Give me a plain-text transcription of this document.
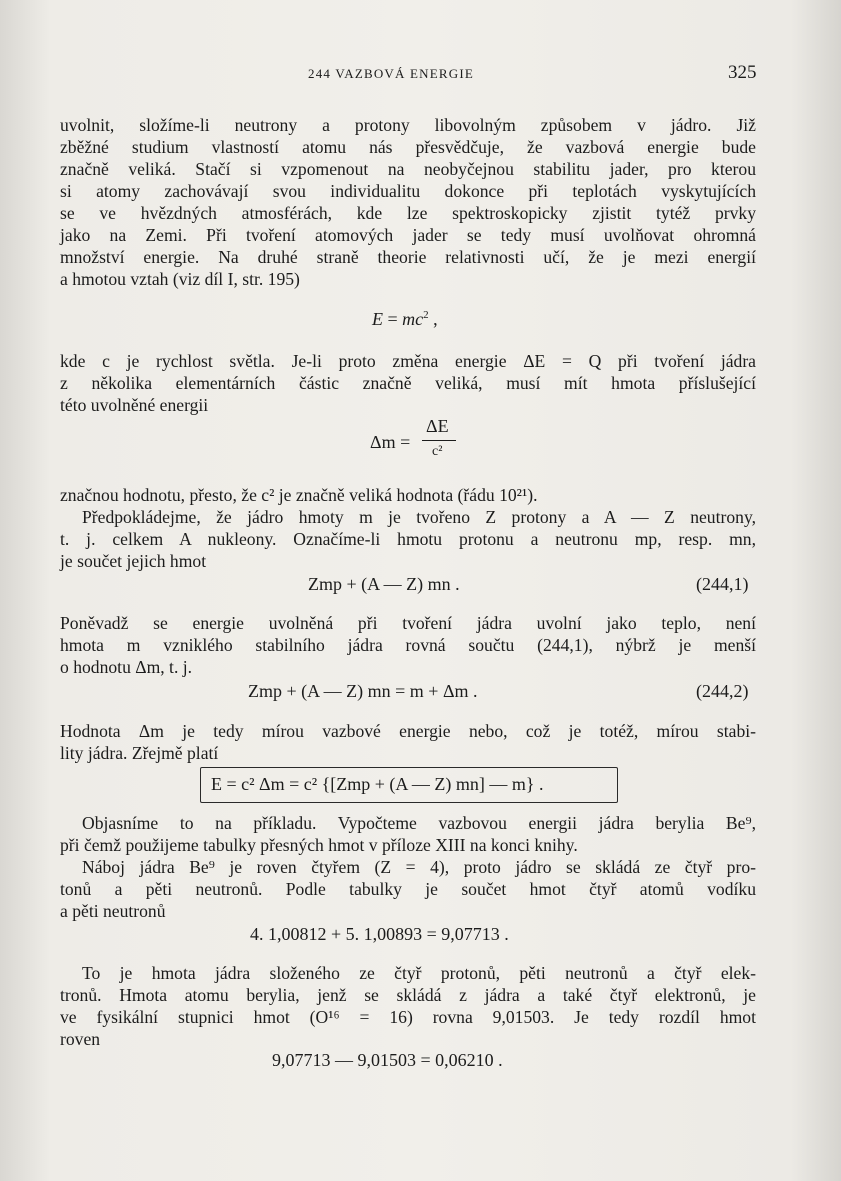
244 VAZBOVÁ ENERGIE	325
uvolnit, složíme-li neutrony a protony libovolným způsobem v jádro. Již
zběžné studium vlastností atomu nás přesvědčuje, že vazbová energie bude
značně veliká. Stačí si vzpomenout na neobyčejnou stabilitu jader, pro kterou
si atomy zachovávají svou individualitu dokonce při teplotách vyskytujících
se ve hvězdných atmosférách, kde lze spektroskopicky zjistit tytéž prvky
jako na Zemi. Při tvoření atomových jader se tedy musí uvolňovat ohromná
množství energie. Na druhé straně theorie relativnosti učí, že je mezi energií
a hmotou vztah (viz díl I, str. 195)
$E = mc^2$ ,
kde c je rychlost světla. Je-li proto změna energie ΔE = Q při tvoření jádra
z několika elementárních částic značně veliká, musí mít hmota příslušející
této uvolněné energii
Δm =
ΔE
c²
značnou hodnotu, přesto, že c² je značně veliká hodnota (řádu 10²¹).
Předpokládejme, že jádro hmoty m je tvořeno Z protony a A — Z neutrony,
t. j. celkem A nukleony. Označíme-li hmotu protonu a neutronu mp, resp. mn,
je součet jejich hmot
Zmp + (A — Z) mn .	(244,1)
Poněvadž se energie uvolněná při tvoření jádra uvolní jako teplo, není
hmota m vzniklého stabilního jádra rovná součtu (244,1), nýbrž je menší
o hodnotu Δm, t. j.
Zmp + (A — Z) mn = m + Δm .	(244,2)
Hodnota Δm je tedy mírou vazbové energie nebo, což je totéž, mírou stabi-
lity jádra. Zřejmě platí
E = c² Δm = c² {[Zmp + (A — Z) mn] — m} .
Objasníme to na příkladu. Vypočteme vazbovou energii jádra berylia Be⁹,
při čemž použijeme tabulky přesných hmot v příloze XIII na konci knihy.
Náboj jádra Be⁹ je roven čtyřem (Z = 4), proto jádro se skládá ze čtyř pro-
tonů a pěti neutronů. Podle tabulky je součet hmot čtyř atomů vodíku
a pěti neutronů
4. 1,00812 + 5. 1,00893 = 9,07713 .
To je hmota jádra složeného ze čtyř protonů, pěti neutronů a čtyř elek-
tronů. Hmota atomu berylia, jenž se skládá z jádra a také čtyř elektronů, je
ve fysikální stupnici hmot (O¹⁶ = 16) rovna 9,01503. Je tedy rozdíl hmot
roven
9,07713 — 9,01503 = 0,06210 .
